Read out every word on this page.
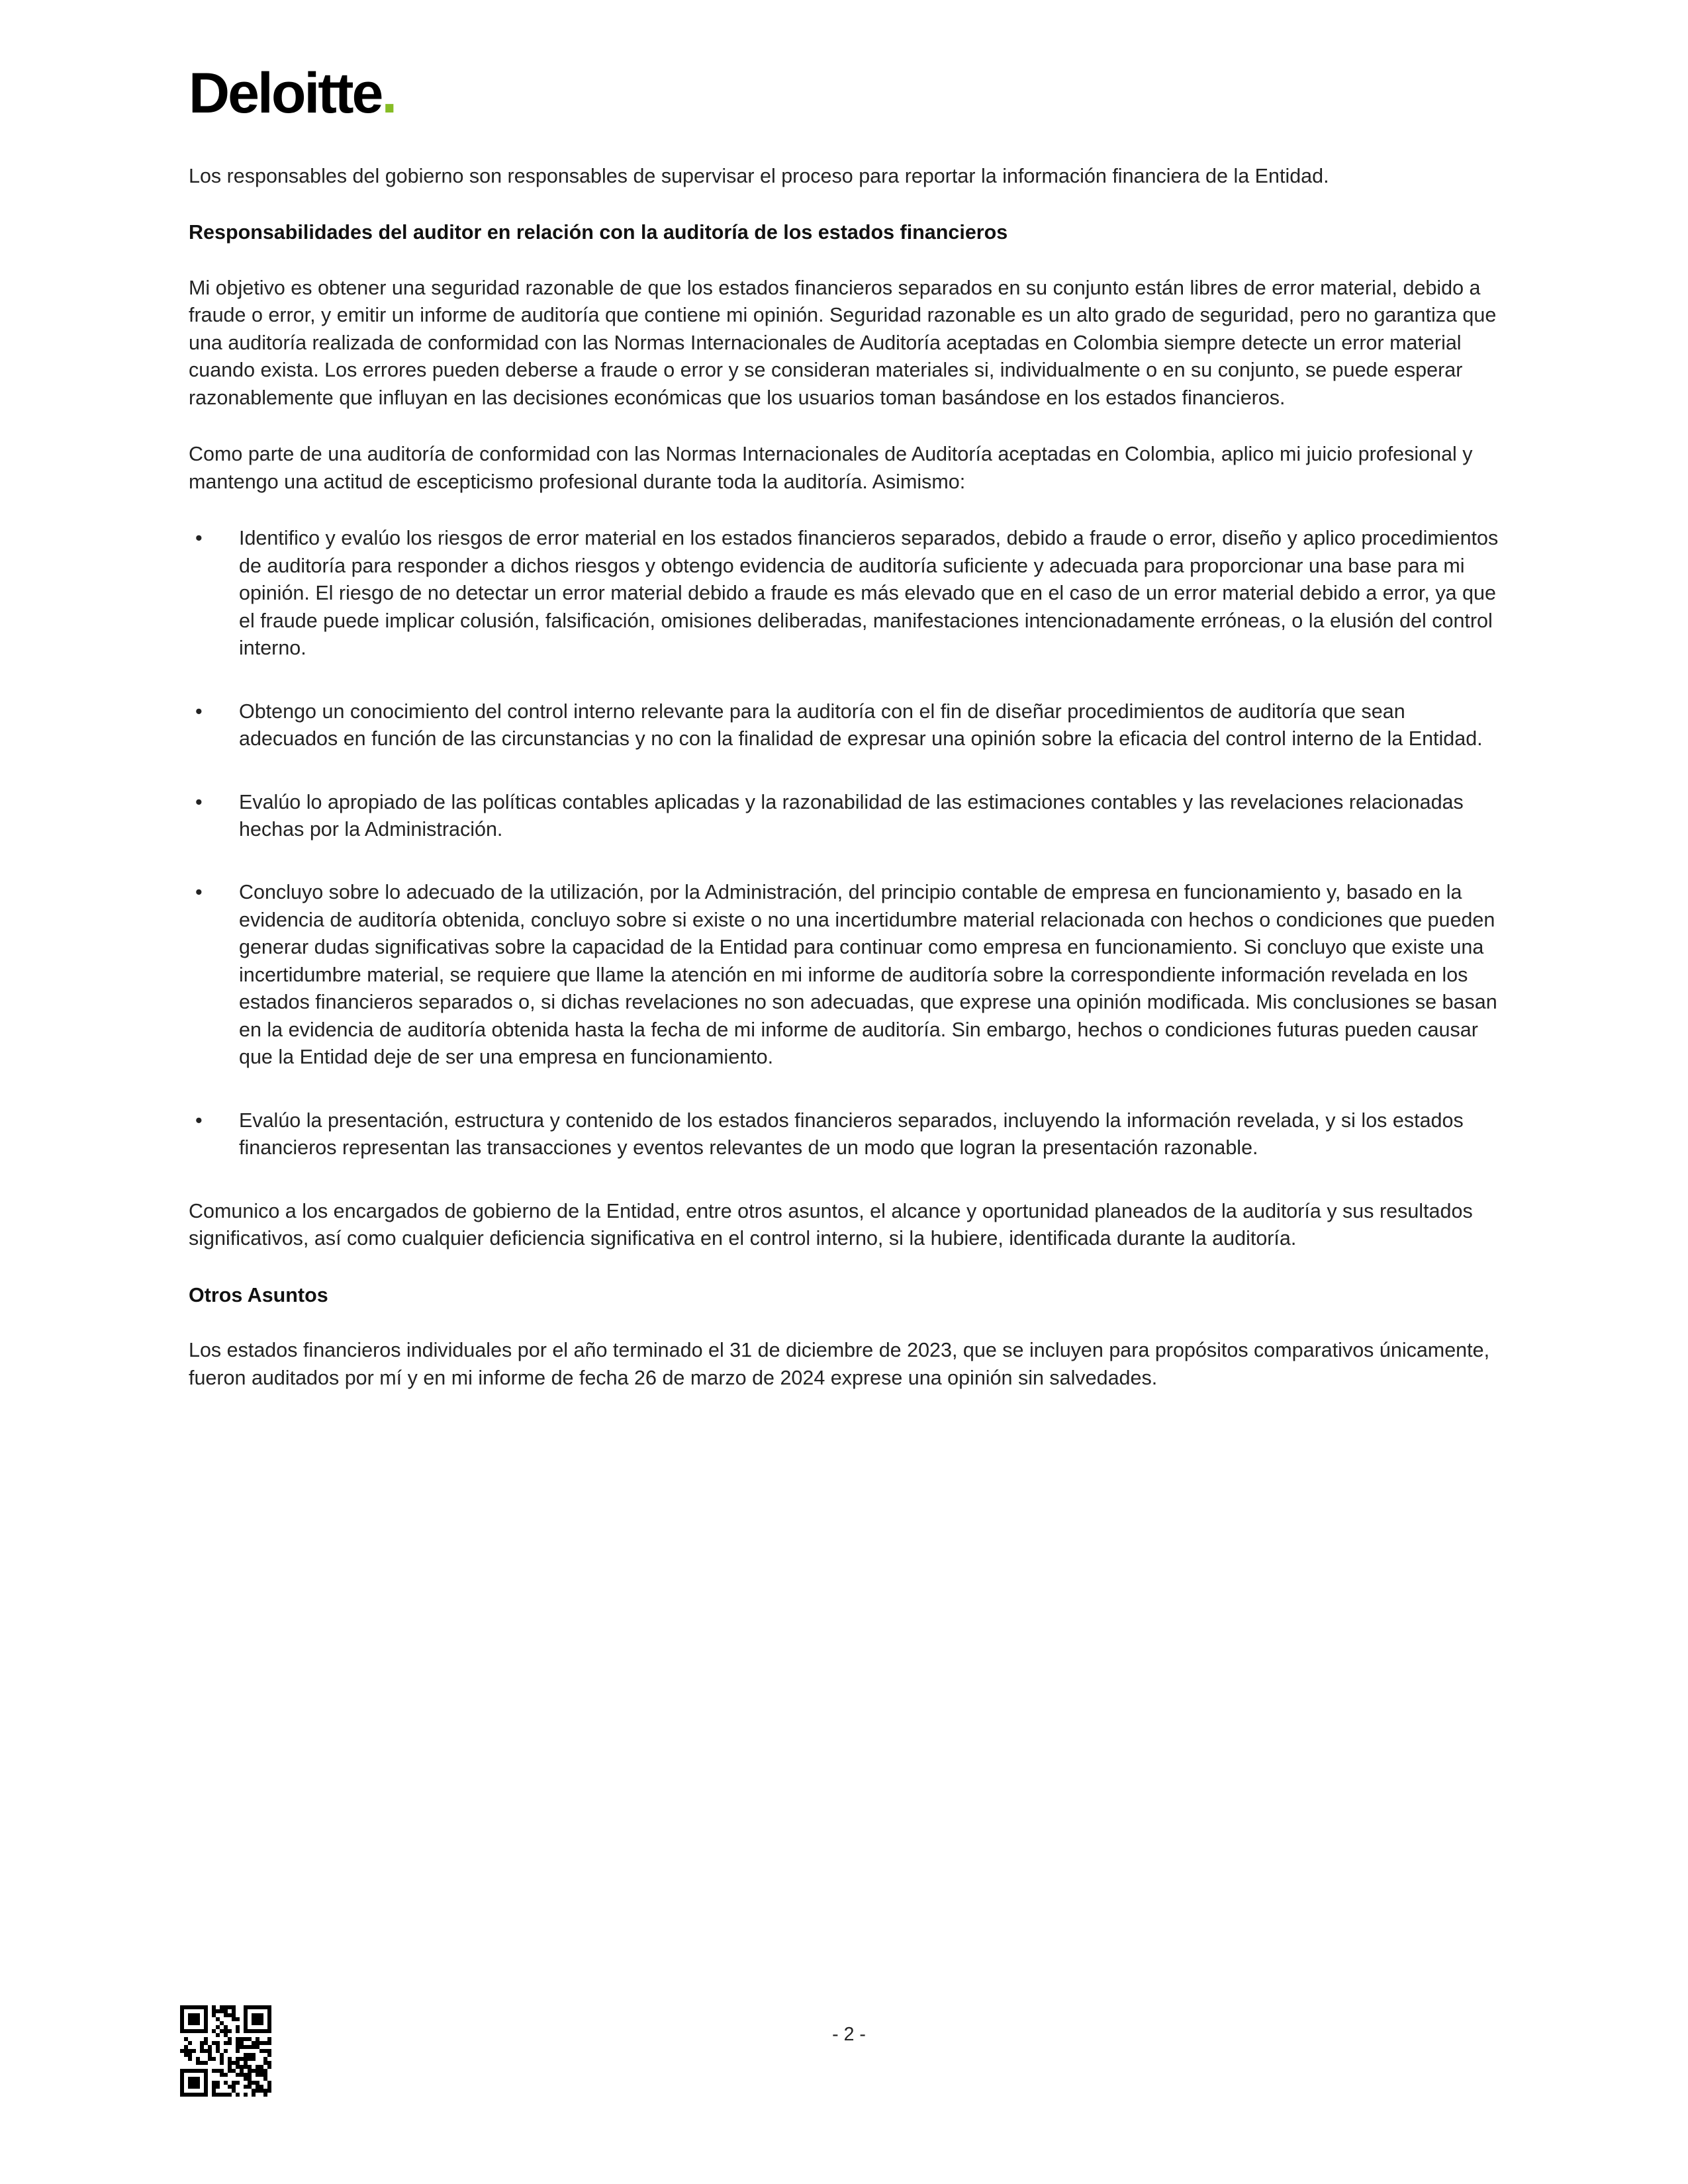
Deloitte.

Los responsables del gobierno son responsables de supervisar el proceso para reportar la información financiera de la Entidad.

Responsabilidades del auditor en relación con la auditoría de los estados financieros

Mi objetivo es obtener una seguridad razonable de que los estados financieros separados en su conjunto están libres de error material, debido a fraude o error, y emitir un informe de auditoría que contiene mi opinión. Seguridad razonable es un alto grado de seguridad, pero no garantiza que una auditoría realizada de conformidad con las Normas Internacionales de Auditoría aceptadas en Colombia siempre detecte un error material cuando exista. Los errores pueden deberse a fraude o error y se consideran materiales si, individualmente o en su conjunto, se puede esperar razonablemente que influyan en las decisiones económicas que los usuarios toman basándose en los estados financieros.

Como parte de una auditoría de conformidad con las Normas Internacionales de Auditoría aceptadas en Colombia, aplico mi juicio profesional y mantengo una actitud de escepticismo profesional durante toda la auditoría. Asimismo:

• Identifico y evalúo los riesgos de error material en los estados financieros separados, debido a fraude o error, diseño y aplico procedimientos de auditoría para responder a dichos riesgos y obtengo evidencia de auditoría suficiente y adecuada para proporcionar una base para mi opinión. El riesgo de no detectar un error material debido a fraude es más elevado que en el caso de un error material debido a error, ya que el fraude puede implicar colusión, falsificación, omisiones deliberadas, manifestaciones intencionadamente erróneas, o la elusión del control interno.
• Obtengo un conocimiento del control interno relevante para la auditoría con el fin de diseñar procedimientos de auditoría que sean adecuados en función de las circunstancias y no con la finalidad de expresar una opinión sobre la eficacia del control interno de la Entidad.
• Evalúo lo apropiado de las políticas contables aplicadas y la razonabilidad de las estimaciones contables y las revelaciones relacionadas hechas por la Administración.
• Concluyo sobre lo adecuado de la utilización, por la Administración, del principio contable de empresa en funcionamiento y, basado en la evidencia de auditoría obtenida, concluyo sobre si existe o no una incertidumbre material relacionada con hechos o condiciones que pueden generar dudas significativas sobre la capacidad de la Entidad para continuar como empresa en funcionamiento. Si concluyo que existe una incertidumbre material, se requiere que llame la atención en mi informe de auditoría sobre la correspondiente información revelada en los estados financieros separados o, si dichas revelaciones no son adecuadas, que exprese una opinión modificada. Mis conclusiones se basan en la evidencia de auditoría obtenida hasta la fecha de mi informe de auditoría. Sin embargo, hechos o condiciones futuras pueden causar que la Entidad deje de ser una empresa en funcionamiento.
• Evalúo la presentación, estructura y contenido de los estados financieros separados, incluyendo la información revelada, y si los estados financieros representan las transacciones y eventos relevantes de un modo que logran la presentación razonable.

Comunico a los encargados de gobierno de la Entidad, entre otros asuntos, el alcance y oportunidad planeados de la auditoría y sus resultados significativos, así como cualquier deficiencia significativa en el control interno, si la hubiere, identificada durante la auditoría.

Otros Asuntos

Los estados financieros individuales por el año terminado el 31 de diciembre de 2023, que se incluyen para propósitos comparativos únicamente, fueron auditados por mí y en mi informe de fecha 26 de marzo de 2024 exprese una opinión sin salvedades.

- 2 -
